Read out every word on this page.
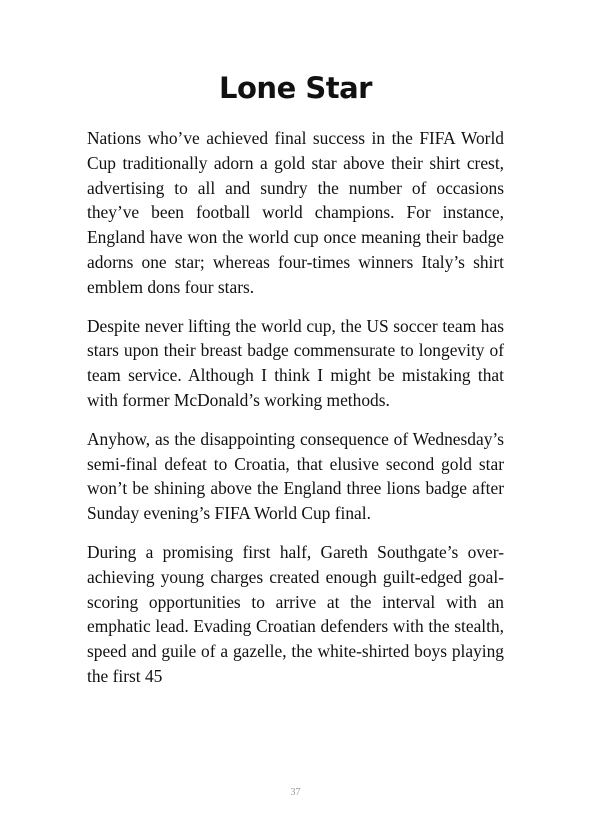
Lone Star

Nations who’ve achieved final success in the FIFA World Cup traditionally adorn a gold star above their shirt crest, advertising to all and sundry the number of occasions they’ve been football world champions. For instance, England have won the world cup once meaning their badge adorns one star; whereas four-times winners Italy’s shirt emblem dons four stars.

Despite never lifting the world cup, the US soccer team has stars upon their breast badge commensurate to longevity of team service. Although I think I might be mistaking that with former McDonald’s working methods.

Anyhow, as the disappointing consequence of Wednesday’s semi-final defeat to Croatia, that elusive second gold star won’t be shining above the England three lions badge after Sunday evening’s FIFA World Cup final.

During a promising first half, Gareth Southgate’s over-achieving young charges created enough guilt-edged goal-scoring opportunities to arrive at the interval with an emphatic lead. Evading Croatian defenders with the stealth, speed and guile of a gazelle, the white-shirted boys playing the first 45

37
